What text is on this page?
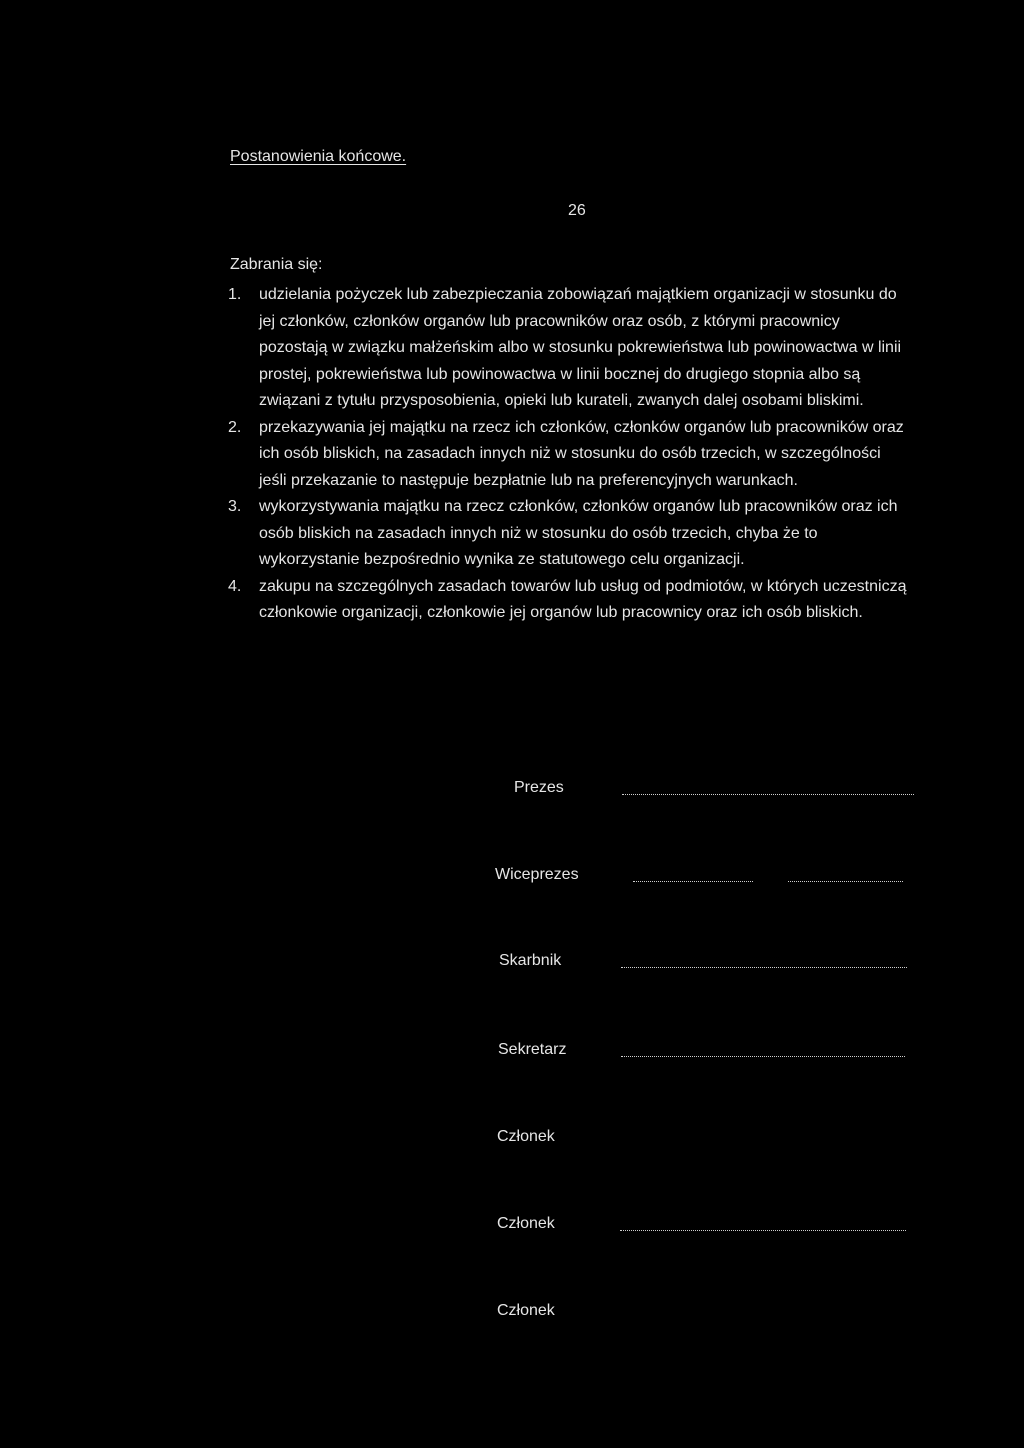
Postanowienia końcowe.
26
Zabrania się:
1. udzielania pożyczek lub zabezpieczania zobowiązań majątkiem organizacji w stosunku do jej członków, członków organów lub pracowników oraz osób, z którymi pracownicy pozostają w związku małżeńskim albo w stosunku pokrewieństwa lub powinowactwa w linii prostej, pokrewieństwa lub powinowactwa w linii bocznej do drugiego stopnia albo są związani z tytułu przysposobienia, opieki lub kurateli, zwanych dalej osobami bliskimi.
2. przekazywania jej majątku na rzecz ich członków, członków organów lub pracowników oraz ich osób bliskich, na zasadach innych niż w stosunku do osób trzecich, w szczególności jeśli przekazanie to następuje bezpłatnie lub na preferencyjnych warunkach.
3. wykorzystywania majątku na rzecz członków, członków organów lub pracowników oraz ich osób bliskich na zasadach innych niż w stosunku do osób trzecich, chyba że to wykorzystanie bezpośrednio wynika ze statutowego celu organizacji.
4. zakupu na szczególnych zasadach towarów lub usług od podmiotów, w których uczestniczą członkowie organizacji, członkowie jej organów lub pracownicy oraz ich osób bliskich.
Prezes
Wiceprezes
Skarbnik
Sekretarz
Członek
Członek
Członek
